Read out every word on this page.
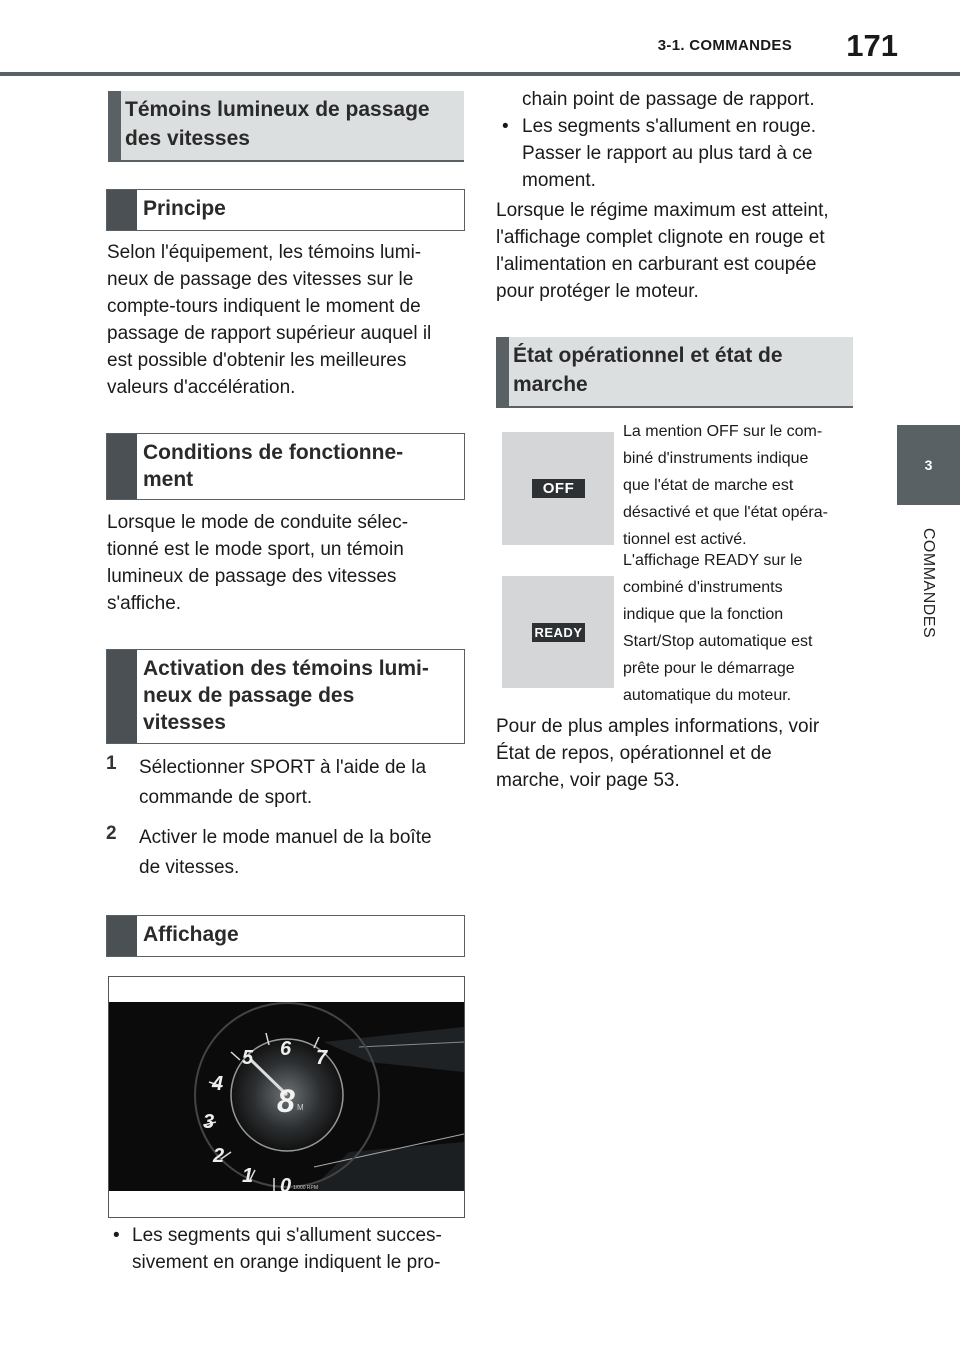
3-1. COMMANDES	171
3
COMMANDES
Témoins lumineux de passage des vitesses
Principe
Selon l'équipement, les témoins lumi-
neux de passage des vitesses sur le
compte-tours indiquent le moment de
passage de rapport supérieur auquel il
est possible d'obtenir les meilleures
valeurs d'accélération.
Conditions de fonctionne-
ment
Lorsque le mode de conduite sélec-
tionné est le mode sport, un témoin
lumineux de passage des vitesses
s'affiche.
Activation des témoins lumi-
neux de passage des
vitesses
1 Sélectionner SPORT à l'aide de la
commande de sport.
2 Activer le mode manuel de la boîte
de vitesses.
Affichage
0
1
2
3
4
5 6 7
8 M
1/000 RPM
• Les segments qui s'allument succes-
sivement en orange indiquent le pro-
chain point de passage de rapport.
• Les segments s'allument en rouge.
Passer le rapport au plus tard à ce
moment.
Lorsque le régime maximum est atteint,
l'affichage complet clignote en rouge et
l'alimentation en carburant est coupée
pour protéger le moteur.
État opérationnel et état de
marche
OFF
La mention OFF sur le com-
biné d'instruments indique
que l'état de marche est
désactivé et que l'état opéra-
tionnel est activé.
READY
L'affichage READY sur le
combiné d'instruments
indique que la fonction
Start/Stop automatique est
prête pour le démarrage
automatique du moteur.
Pour de plus amples informations, voir
État de repos, opérationnel et de
marche, voir page 53.
